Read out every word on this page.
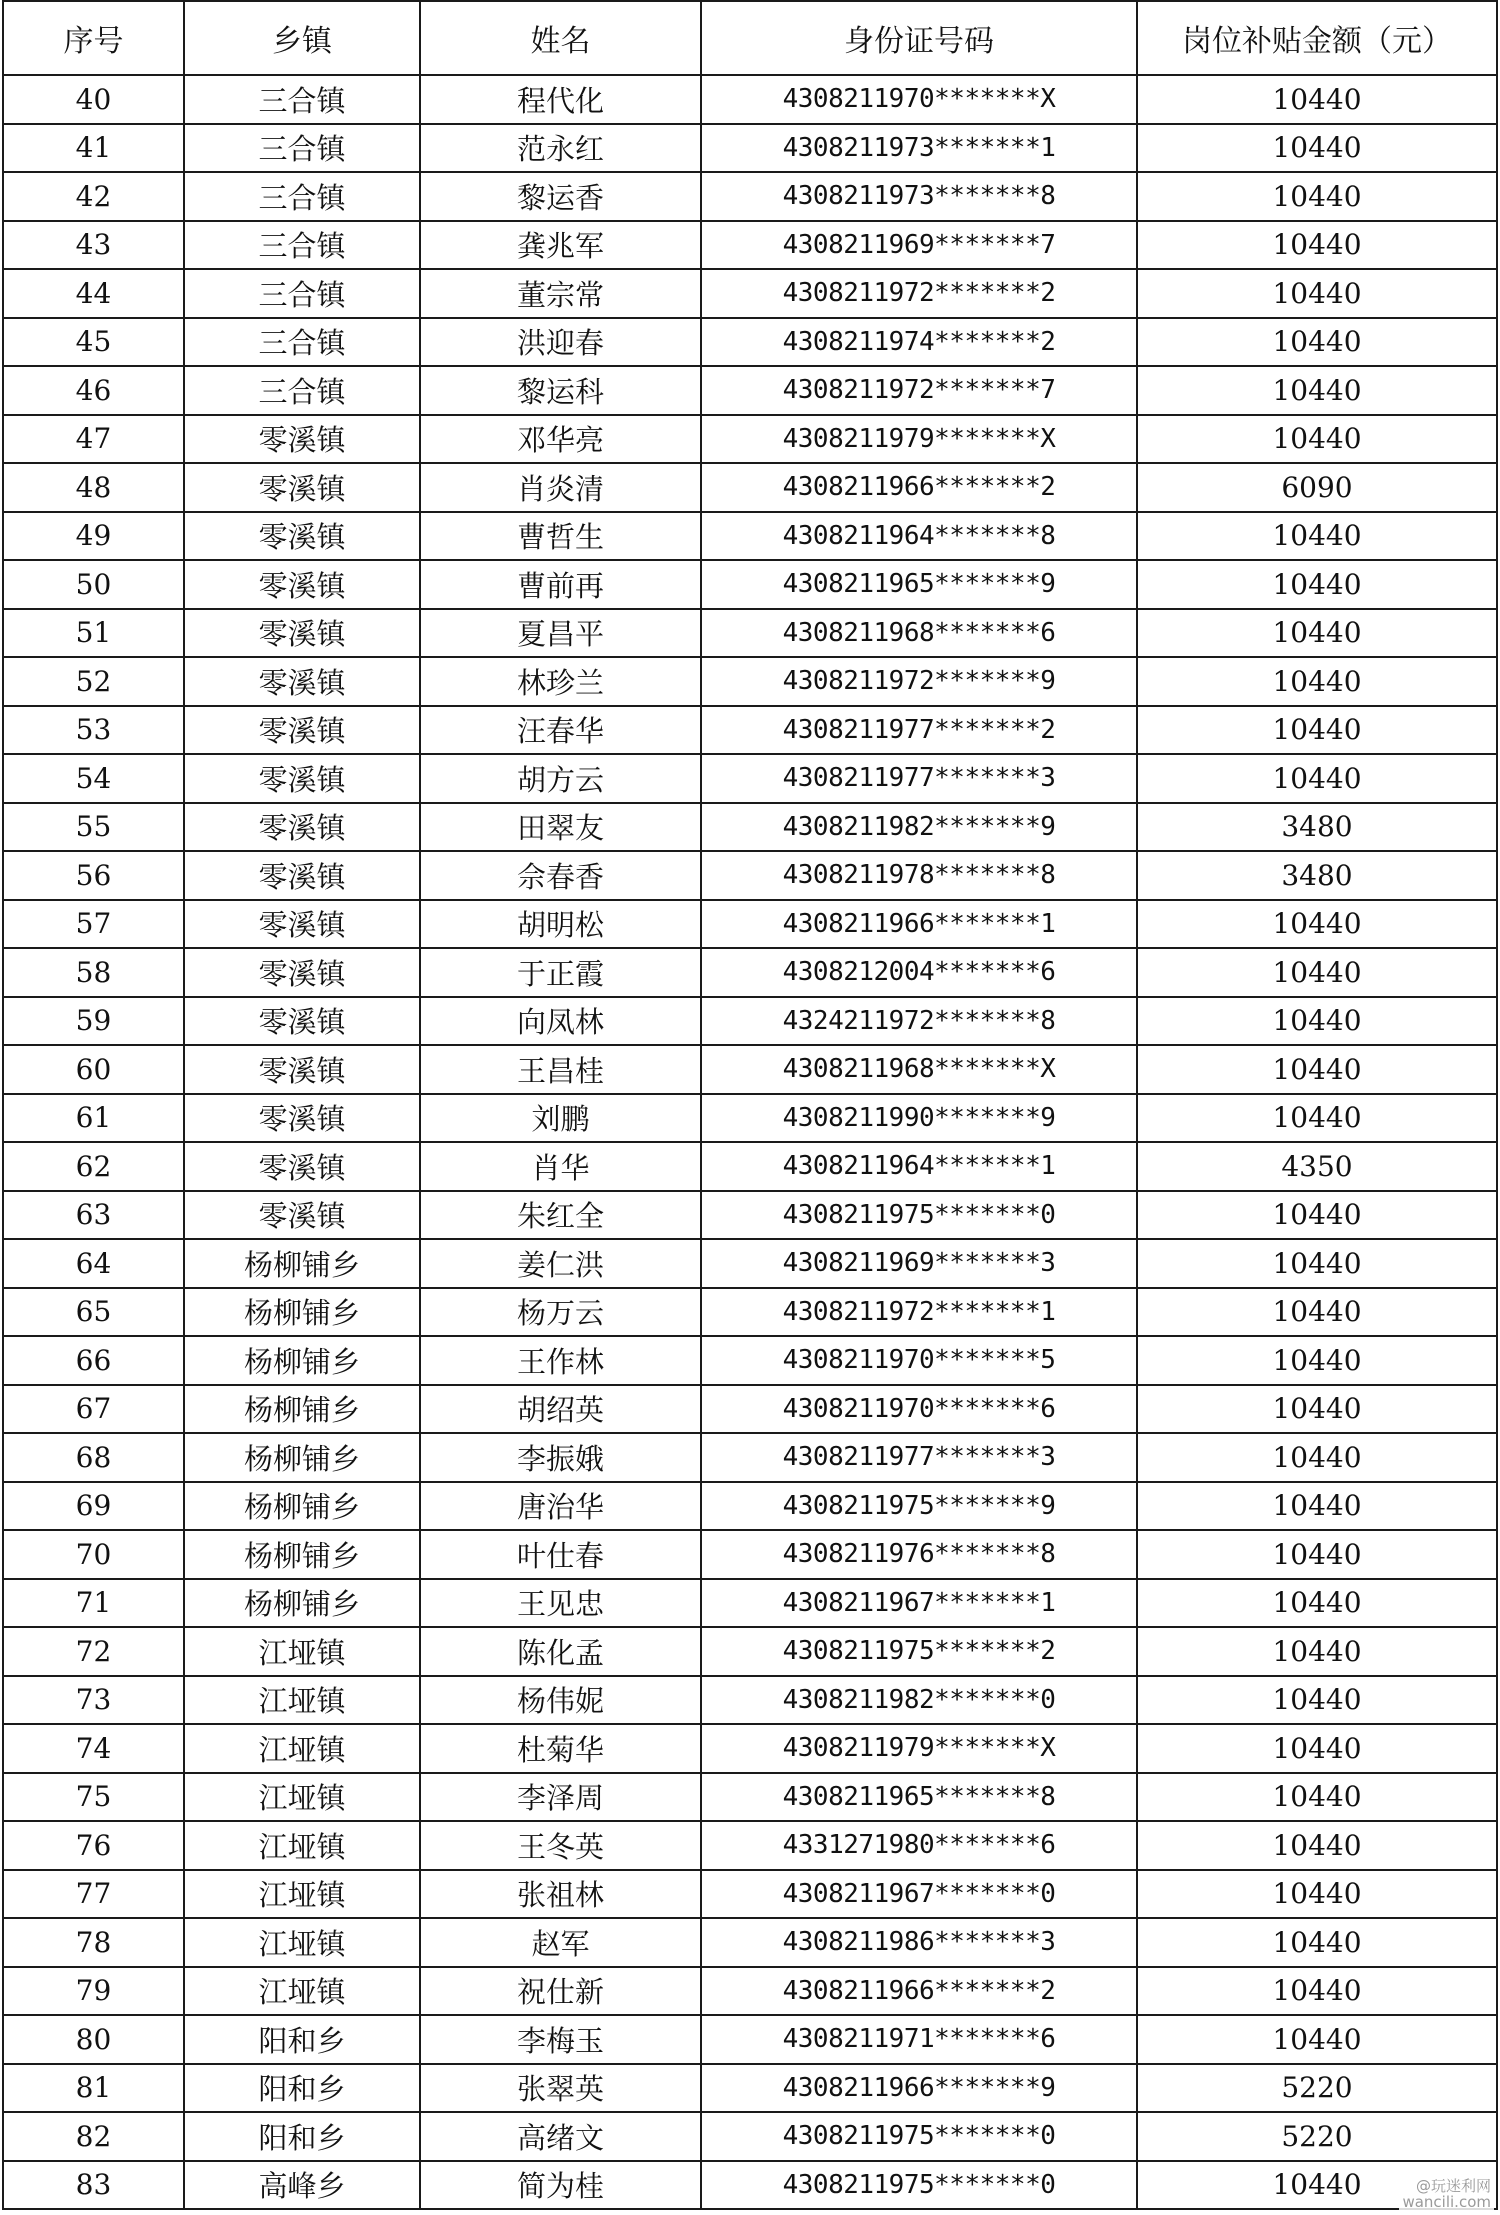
序号	乡镇	姓名	身份证号码	岗位补贴金额（元）
40	三合镇	程代化	4308211970*******X	10440
41	三合镇	范永红	4308211973*******1	10440
42	三合镇	黎运香	4308211973*******8	10440
43	三合镇	龚兆军	4308211969*******7	10440
44	三合镇	董宗常	4308211972*******2	10440
45	三合镇	洪迎春	4308211974*******2	10440
46	三合镇	黎运科	4308211972*******7	10440
47	零溪镇	邓华亮	4308211979*******X	10440
48	零溪镇	肖炎清	4308211966*******2	6090
49	零溪镇	曹哲生	4308211964*******8	10440
50	零溪镇	曹前再	4308211965*******9	10440
51	零溪镇	夏昌平	4308211968*******6	10440
52	零溪镇	林珍兰	4308211972*******9	10440
53	零溪镇	汪春华	4308211977*******2	10440
54	零溪镇	胡方云	4308211977*******3	10440
55	零溪镇	田翠友	4308211982*******9	3480
56	零溪镇	佘春香	4308211978*******8	3480
57	零溪镇	胡明松	4308211966*******1	10440
58	零溪镇	于正霞	4308212004*******6	10440
59	零溪镇	向凤林	4324211972*******8	10440
60	零溪镇	王昌桂	4308211968*******X	10440
61	零溪镇	刘鹏	4308211990*******9	10440
62	零溪镇	肖华	4308211964*******1	4350
63	零溪镇	朱红全	4308211975*******0	10440
64	杨柳铺乡	姜仁洪	4308211969*******3	10440
65	杨柳铺乡	杨万云	4308211972*******1	10440
66	杨柳铺乡	王作林	4308211970*******5	10440
67	杨柳铺乡	胡绍英	4308211970*******6	10440
68	杨柳铺乡	李振娥	4308211977*******3	10440
69	杨柳铺乡	唐治华	4308211975*******9	10440
70	杨柳铺乡	叶仕春	4308211976*******8	10440
71	杨柳铺乡	王见忠	4308211967*******1	10440
72	江垭镇	陈化孟	4308211975*******2	10440
73	江垭镇	杨伟妮	4308211982*******0	10440
74	江垭镇	杜菊华	4308211979*******X	10440
75	江垭镇	李泽周	4308211965*******8	10440
76	江垭镇	王冬英	4331271980*******6	10440
77	江垭镇	张祖林	4308211967*******0	10440
78	江垭镇	赵军	4308211986*******3	10440
79	江垭镇	祝仕新	4308211966*******2	10440
80	阳和乡	李梅玉	4308211971*******6	10440
81	阳和乡	张翠英	4308211966*******9	5220
82	阳和乡	高绪文	4308211975*******0	5220
83	高峰乡	简为桂	4308211975*******0	10440	@玩迷利网
wancili.com
